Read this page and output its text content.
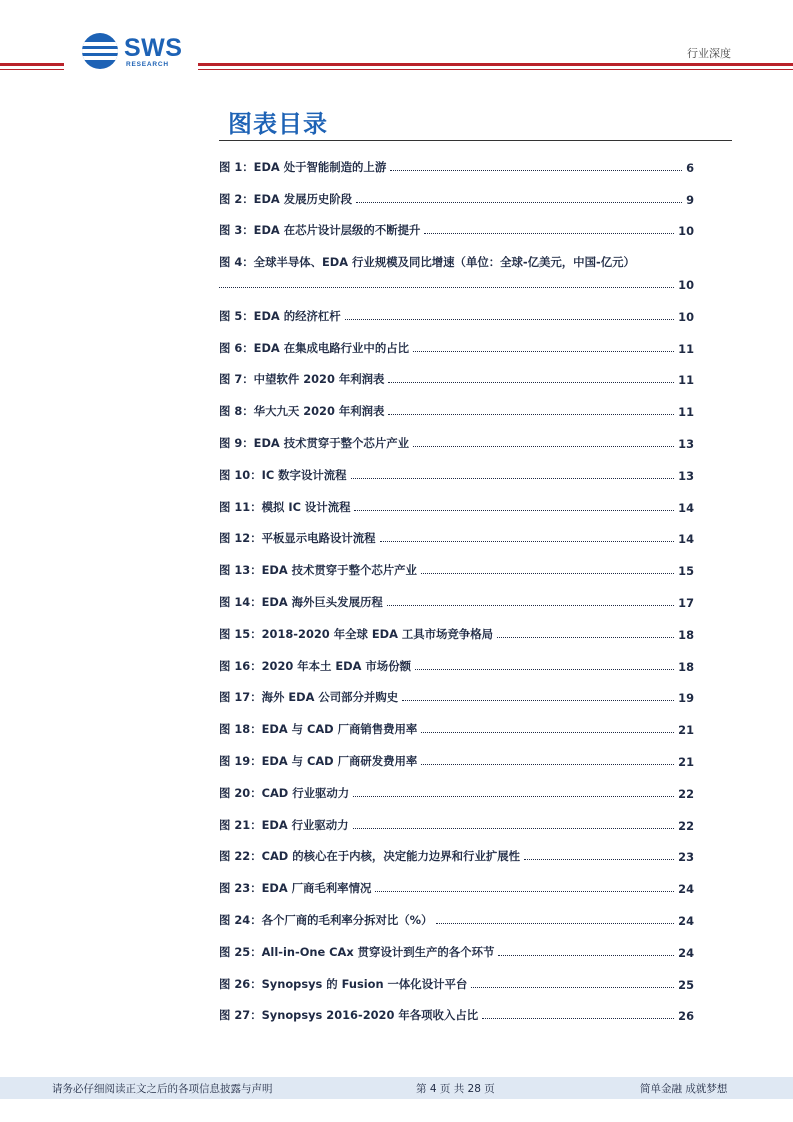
SWS
RESEARCH
行业深度
图表目录
图 1：EDA 处于智能制造的上游	6
图 2：EDA 发展历史阶段	9
图 3：EDA 在芯片设计层级的不断提升	10
图 4：全球半导体、EDA 行业规模及同比增速（单位：全球-亿美元，中国-亿元）
10
图 5：EDA 的经济杠杆	10
图 6：EDA 在集成电路行业中的占比	11
图 7：中望软件 2020 年利润表	11
图 8：华大九天 2020 年利润表	11
图 9：EDA 技术贯穿于整个芯片产业	13
图 10：IC 数字设计流程	13
图 11：模拟 IC 设计流程	14
图 12：平板显示电路设计流程	14
图 13：EDA 技术贯穿于整个芯片产业	15
图 14：EDA 海外巨头发展历程	17
图 15：2018-2020 年全球 EDA 工具市场竞争格局	18
图 16：2020 年本土 EDA 市场份额	18
图 17：海外 EDA 公司部分并购史	19
图 18：EDA 与 CAD 厂商销售费用率	21
图 19：EDA 与 CAD 厂商研发费用率	21
图 20：CAD 行业驱动力	22
图 21：EDA 行业驱动力	22
图 22：CAD 的核心在于内核，决定能力边界和行业扩展性	23
图 23：EDA 厂商毛利率情况	24
图 24：各个厂商的毛利率分拆对比（%）	24
图 25：All-in-One CAx 贯穿设计到生产的各个环节	24
图 26：Synopsys 的 Fusion 一体化设计平台	25
图 27：Synopsys 2016-2020 年各项收入占比	26
请务必仔细阅读正文之后的各项信息披露与声明	第 4 页 共 28 页	简单金融 成就梦想
